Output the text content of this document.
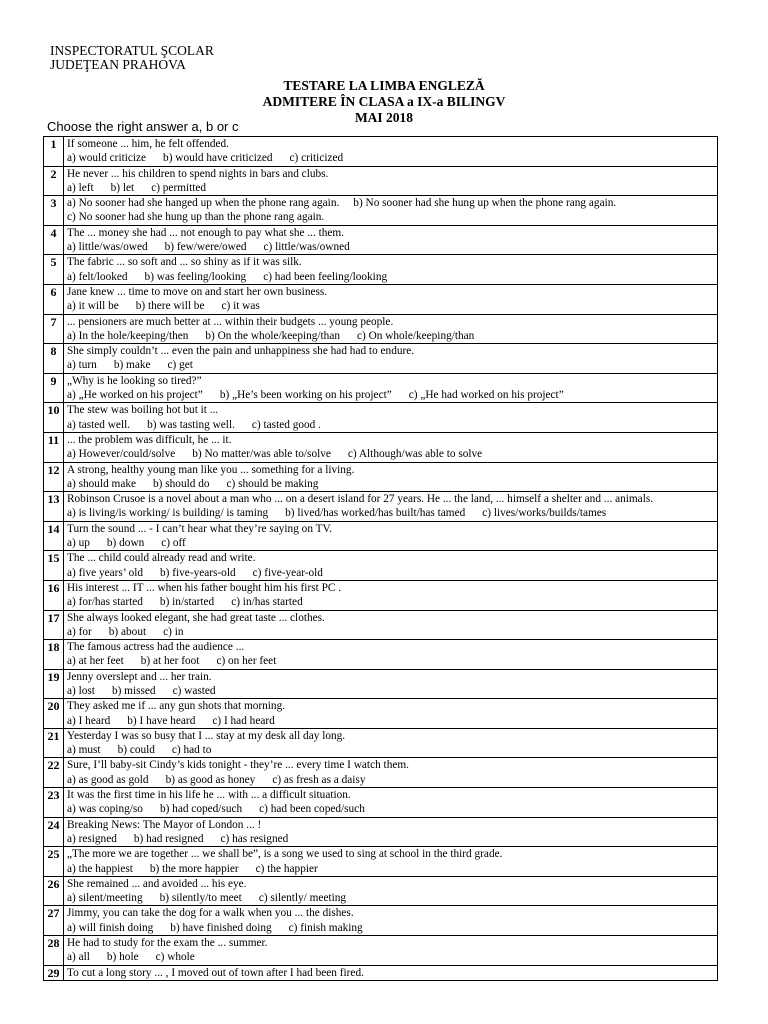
INSPECTORATUL ŞCOLAR
JUDEŢEAN PRAHOVA
TESTARE LA LIMBA ENGLEZĂ
ADMITERE ÎN CLASA a IX-a BILINGV
MAI 2018
Choose the right answer a, b or c
1	If someone ... him, he felt offended.
a) would criticize b) would have criticized c) criticized

2	He never ... his children to spend nights in bars and clubs.
a) left b) let c) permitted

3	a) No sooner had she hanged up when the phone rang again. b) No sooner had she hung up when the phone rang again.
c) No sooner had she hung up than the phone rang again.

4	The ... money she had ... not enough to pay what she ... them.
a) little/was/owed b) few/were/owed c) little/was/owned

5	The fabric ... so soft and ... so shiny as if it was silk.
a) felt/looked b) was feeling/looking c) had been feeling/looking

6	Jane knew ... time to move on and start her own business.
a) it will be b) there will be c) it was

7	... pensioners are much better at ... within their budgets ... young people.
a) In the hole/keeping/then b) On the whole/keeping/than c) On whole/keeping/than

8	She simply couldn’t ... even the pain and unhappiness she had had to endure.
a) turn b) make c) get

9	„Why is he looking so tired?”
a) „He worked on his project” b) „He’s been working on his project” c) „He had worked on his project”

10	The stew was boiling hot but it ...
a) tasted well. b) was tasting well. c) tasted good .

11	... the problem was difficult, he ... it.
a) However/could/solve b) No matter/was able to/solve c) Although/was able to solve

12	A strong, healthy young man like you ... something for a living.
a) should make b) should do c) should be making

13	Robinson Crusoe is a novel about a man who ... on a desert island for 27 years. He ... the land, ... himself a shelter and ... animals.
a) is living/is working/ is building/ is taming b) lived/has worked/has built/has tamed c) lives/works/builds/tames

14	Turn the sound ... - I can’t hear what they’re saying on TV.
a) up b) down c) off

15	The ... child could already read and write.
a) five years’ old b) five-years-old c) five-year-old

16	His interest ... IT ... when his father bought him his first PC .
a) for/has started b) in/started c) in/has started

17	She always looked elegant, she had great taste ... clothes.
a) for b) about c) in

18	The famous actress had the audience ...
a) at her feet b) at her foot c) on her feet

19	Jenny overslept and ... her train.
a) lost b) missed c) wasted

20	They asked me if ... any gun shots that morning.
a) I heard b) I have heard c) I had heard

21	Yesterday I was so busy that I ... stay at my desk all day long.
a) must b) could c) had to

22	Sure, I’ll baby-sit Cindy’s kids tonight - they’re ... every time I watch them.
a) as good as gold b) as good as honey c) as fresh as a daisy

23	It was the first time in his life he ... with ... a difficult situation.
a) was coping/so b) had coped/such c) had been coped/such

24	Breaking News: The Mayor of London ... !
a) resigned b) had resigned c) has resigned

25	„The more we are together ... we shall be”, is a song we used to sing at school in the third grade.
a) the happiest b) the more happier c) the happier

26	She remained ... and avoided ... his eye.
a) silent/meeting b) silently/to meet c) silently/ meeting

27	Jimmy, you can take the dog for a walk when you ... the dishes.
a) will finish doing b) have finished doing c) finish making

28	He had to study for the exam the ... summer.
a) all b) hole c) whole

29	To cut a long story ... , I moved out of town after I had been fired.
